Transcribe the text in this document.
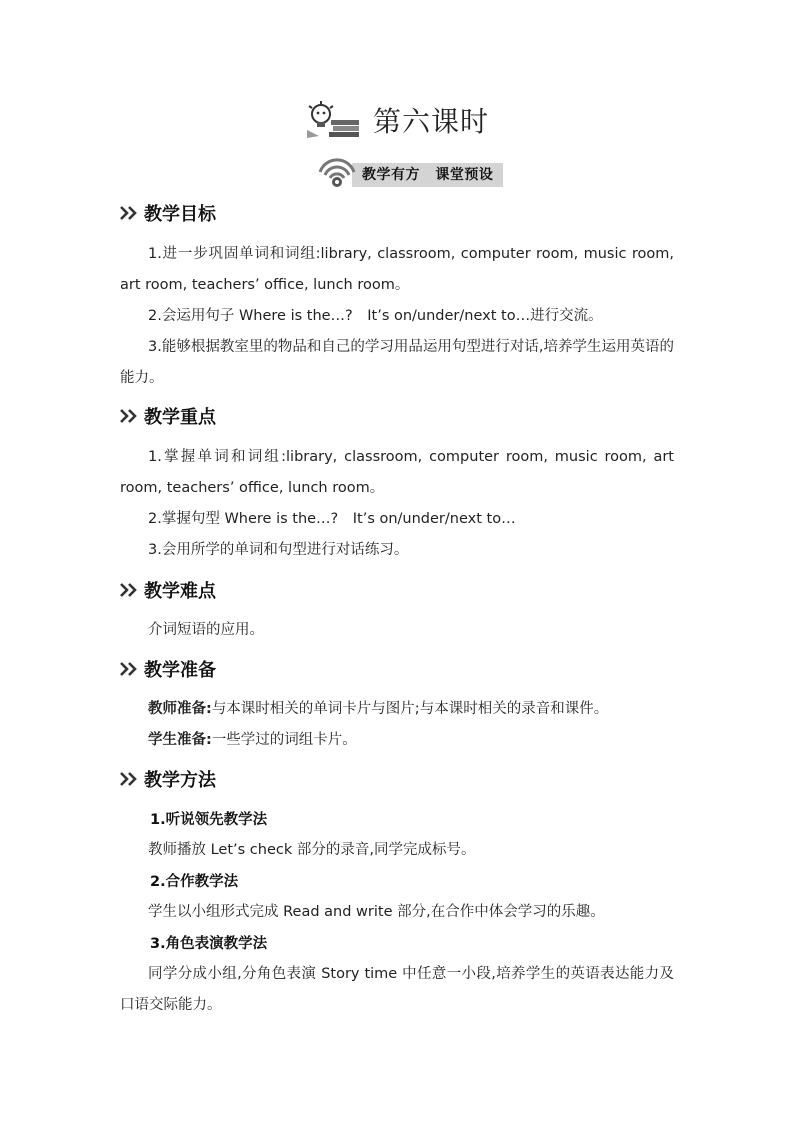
第六课时
教学有方 课堂预设
教学目标
1.进一步巩固单词和词组:library, classroom, computer room, music room, art room, teachers’ office, lunch room。
2.会运用句子 Where is the…?　It’s on/under/next to…进行交流。
3.能够根据教室里的物品和自己的学习用品运用句型进行对话,培养学生运用英语的能力。
教学重点
1.掌握单词和词组:library, classroom, computer room, music room, art room, teachers’ office, lunch room。
2.掌握句型 Where is the…?　It’s on/under/next to…
3.会用所学的单词和句型进行对话练习。
教学难点
介词短语的应用。
教学准备
教师准备:与本课时相关的单词卡片与图片;与本课时相关的录音和课件。
学生准备:一些学过的词组卡片。
教学方法
1.听说领先教学法
教师播放 Let’s check 部分的录音,同学完成标号。
2.合作教学法
学生以小组形式完成 Read and write 部分,在合作中体会学习的乐趣。
3.角色表演教学法
同学分成小组,分角色表演 Story time 中任意一小段,培养学生的英语表达能力及口语交际能力。
